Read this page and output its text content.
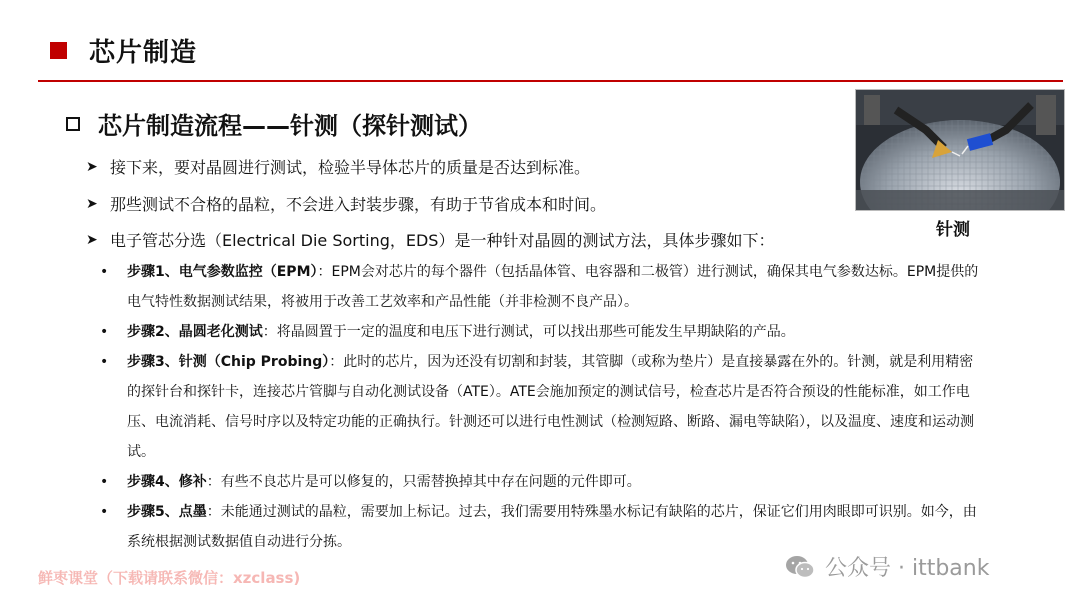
芯片制造
芯片制造流程——针测（探针测试）
➤ 接下来，要对晶圆进行测试，检验半导体芯片的质量是否达到标准。
➤ 那些测试不合格的晶粒，不会进入封装步骤，有助于节省成本和时间。
➤ 电子管芯分选（Electrical Die Sorting，EDS）是一种针对晶圆的测试方法，具体步骤如下：
•	步骤1、电气参数监控（EPM）：EPM会对芯片的每个器件（包括晶体管、电容器和二极管）进行测试，确保其电气参数达标。EPM提供的电气特性数据测试结果，将被用于改善工艺效率和产品性能（并非检测不良产品）。
•	步骤2、晶圆老化测试：将晶圆置于一定的温度和电压下进行测试，可以找出那些可能发生早期缺陷的产品。
•	步骤3、针测（Chip Probing）：此时的芯片，因为还没有切割和封装，其管脚（或称为垫片）是直接暴露在外的。针测，就是利用精密的探针台和探针卡，连接芯片管脚与自动化测试设备（ATE）。ATE会施加预定的测试信号，检查芯片是否符合预设的性能标准，如工作电压、电流消耗、信号时序以及特定功能的正确执行。针测还可以进行电性测试（检测短路、断路、漏电等缺陷），以及温度、速度和运动测试。
•	步骤4、修补：有些不良芯片是可以修复的，只需替换掉其中存在问题的元件即可。
•	步骤5、点墨：未能通过测试的晶粒，需要加上标记。过去，我们需要用特殊墨水标记有缺陷的芯片，保证它们用肉眼即可识别。如今，由系统根据测试数据值自动进行分拣。
针测
鲜枣课堂（下载请联系微信：xzclass)	公众号 · ittbank
